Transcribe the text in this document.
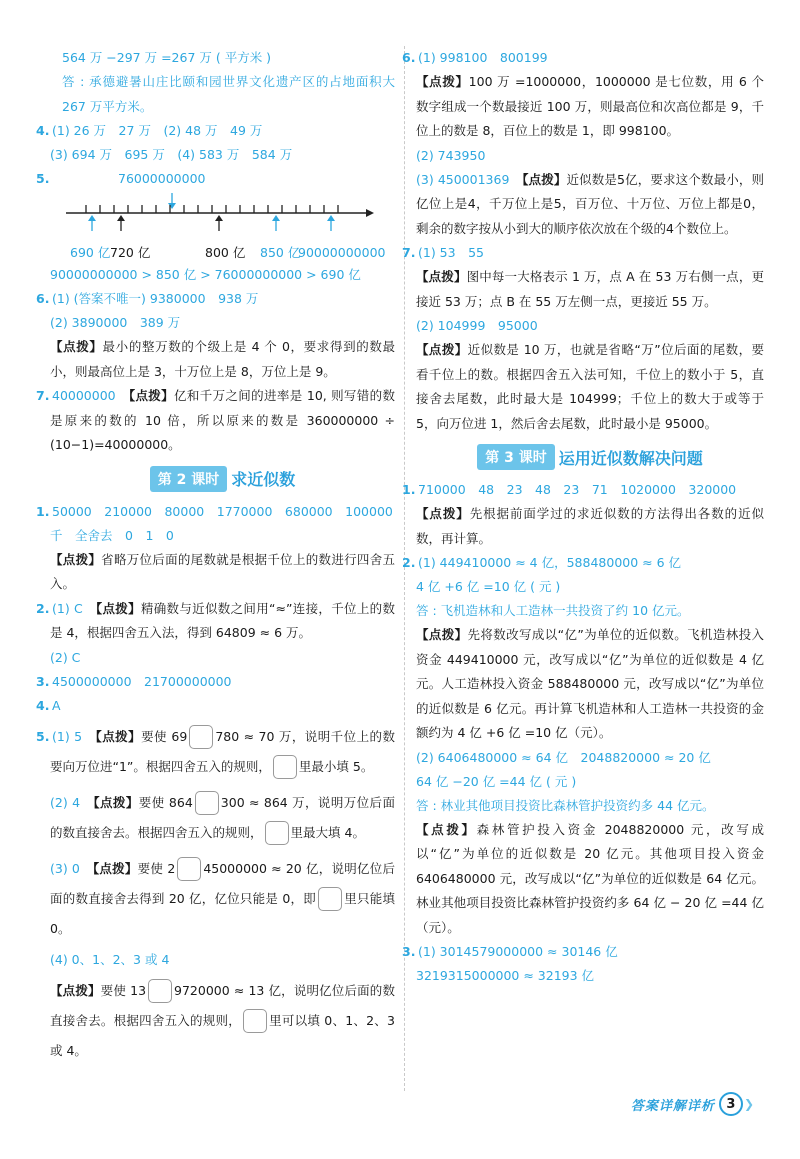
564 万 −297 万 =267 万 ( 平方米 )
答 : 承德避暑山庄比颐和园世界文化遗产区的占地面积大 267 万平方米。
4. (1) 26 万　27 万　(2) 48 万　49 万
(3) 694 万　695 万　(4) 583 万　584 万
5.	76000000000
690 亿 720 亿	800 亿 850 亿
90000000000
90000000000 > 850 亿 > 76000000000 > 690 亿
6. (1) (答案不唯一) 9380000　938 万
(2) 3890000　389 万
【点拨】最小的整万数的个级上是 4 个 0，要求得到的数最小，则最高位上是 3，十万位上是 8，万位上是 9。
7. 40000000　 【点拨】亿和千万之间的进率是 10, 则写错的数是原来的数的 10 倍，所以原来的数是 360000000 ÷ (10−1)=40000000。
第 2 课时 求近似数
1. 50000　210000　80000　1770000　680000　100000
千　全舍去　0　1　0
【点拨】省略万位后面的尾数就是根据千位上的数进行四舍五入。
2. (1) C　 【点拨】精确数与近似数之间用“≈”连接，千位上的数是 4，根据四舍五入法，得到 64809 ≈ 6 万。
(2) C
3. 4500000000　21700000000
4. A
5. (1) 5　 【点拨】要使 69 780 ≈ 70 万，说明千位上的数要向万位进“1”。根据四舍五入的规则， 里最小填 5。
(2) 4　 【点拨】要使 864 300 ≈ 864 万，说明万位后面的数直接舍去。根据四舍五入的规则， 里最大填 4。
(3) 0　 【点拨】要使 2 45000000 ≈ 20 亿，说明亿位后面的数直接舍去得到 20 亿，亿位只能是 0，即 里只能填 0。
(4) 0、1、2、3 或 4
【点拨】要使 13 9720000 ≈ 13 亿，说明亿位后面的数直接舍去。根据四舍五入的规则， 里可以填 0、1、2、3 或 4。
6. (1) 998100　800199
【点拨】100 万 =1000000，1000000 是七位数，用 6 个数字组成一个数最接近 100 万，则最高位和次高位都是 9，千位上的数是 8，百位上的数是 1，即 998100。
(2) 743950
(3) 450001369　 【点拨】近似数是5亿，要求这个数最小，则亿位上是4，千万位上是5，百万位、十万位、万位上都是0，剩余的数字按从小到大的顺序依次放在个级的4个数位上。
7. (1) 53　55
【点拨】图中每一大格表示 1 万，点 A 在 53 万右侧一点，更接近 53 万；点 B 在 55 万左侧一点，更接近 55 万。
(2) 104999　95000
【点拨】近似数是 10 万，也就是省略“万”位后面的尾数，要看千位上的数。根据四舍五入法可知，千位上的数小于 5，直接舍去尾数，此时最大是 104999；千位上的数大于或等于 5，向万位进 1，然后舍去尾数，此时最小是 95000。
第 3 课时 运用近似数解决问题
1. 710000　48　23　48　23　71　1020000　320000
【点拨】先根据前面学过的求近似数的方法得出各数的近似数，再计算。
2. (1) 449410000 ≈ 4 亿，588480000 ≈ 6 亿
4 亿 +6 亿 =10 亿 ( 元 )
答 : 飞机造林和人工造林一共投资了约 10 亿元。
【点拨】先将数改写成以“亿”为单位的近似数。飞机造林投入资金 449410000 元，改写成以“亿”为单位的近似数是 4 亿元。人工造林投入资金 588480000 元，改写成以“亿”为单位的近似数是 6 亿元。再计算飞机造林和人工造林一共投资的金额约为 4 亿 +6 亿 =10 亿（元）。
(2) 6406480000 ≈ 64 亿　2048820000 ≈ 20 亿
64 亿 −20 亿 =44 亿 ( 元 )
答 : 林业其他项目投资比森林管护投资约多 44 亿元。
【点拨】森林管护投入资金 2048820000 元，改写成以“亿”为单位的近似数是 20 亿元。其他项目投入资金 6406480000 元，改写成以“亿”为单位的近似数是 64 亿元。林业其他项目投资比森林管护投资约多 64 亿 − 20 亿 =44 亿（元）。
3. (1) 3014579000000 ≈ 30146 亿
3219315000000 ≈ 32193 亿
答案详解详析 3 ❯
